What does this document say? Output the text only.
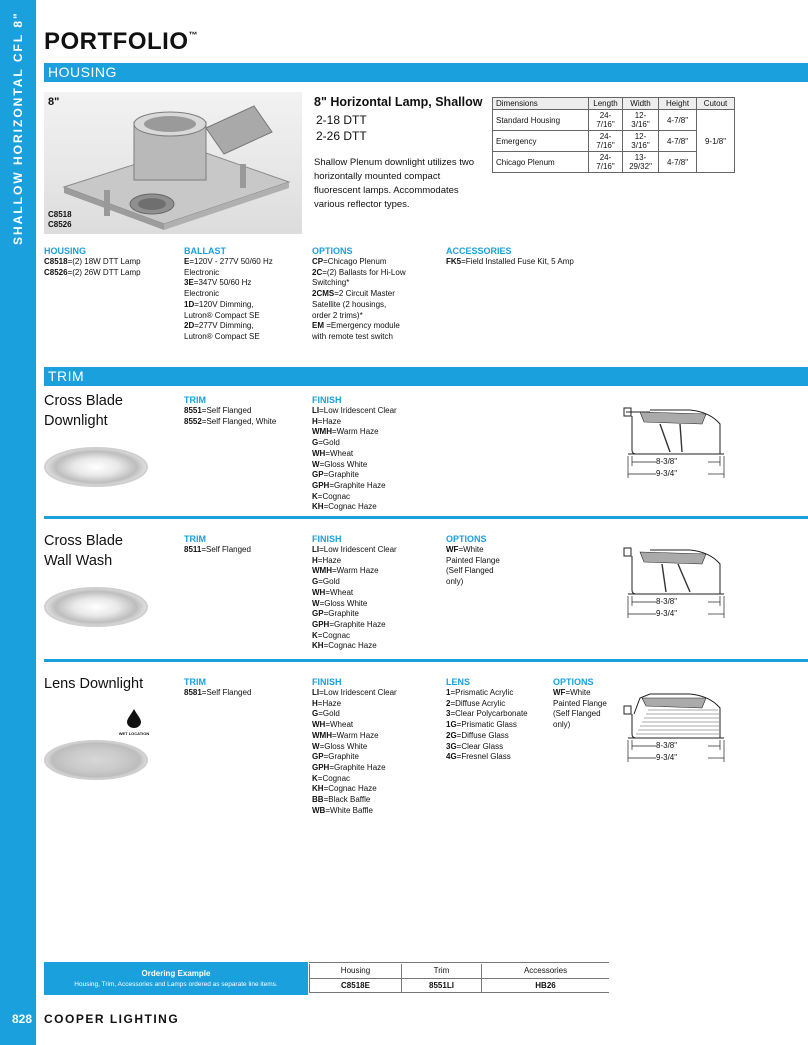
SHALLOW HORIZONTAL CFL 8"
828 COOPER LIGHTING
PORTFOLIO™
HOUSING
8"
C8518
C8526
8" Horizontal Lamp, Shallow
2-18 DTT
2-26 DTT
Shallow Plenum downlight utilizes two horizontally mounted compact fluorescent lamps. Accommodates various reflector types.
Dimensions	Length	Width	Height	Cutout
Standard Housing	24-7/16"	12-3/16"	4-7/8"	9-1/8"
Emergency	24-7/16"	12-3/16"	4-7/8"	
Chicago Plenum	24-7/16"	13-29/32"	4-7/8"	
HOUSING
C8518=(2) 18W DTT Lamp
C8526=(2) 26W DTT Lamp
BALLAST
E=120V - 277V 50/60 Hz
Electronic
3E=347V 50/60 Hz
Electronic
1D=120V Dimming,
Lutron® Compact SE
2D=277V Dimming,
Lutron® Compact SE
OPTIONS
CP=Chicago Plenum
2C=(2) Ballasts for Hi-Low
Switching*
2CMS=2 Circuit Master
Satellite (2 housings,
order 2 trims)*
EM =Emergency module
with remote test switch
ACCESSORIES
FK5=Field Installed Fuse Kit, 5 Amp
TRIM
Cross Blade
Downlight
TRIM
8551=Self Flanged
8552=Self Flanged, White
FINISH
LI=Low Iridescent Clear
H=Haze
WMH=Warm Haze
G=Gold
WH=Wheat
W=Gloss White
GP=Graphite
GPH=Graphite Haze
K=Cognac
KH=Cognac Haze
8-3/8"
9-3/4"
Cross Blade
Wall Wash
TRIM
8511=Self Flanged
FINISH
LI=Low Iridescent Clear
H=Haze
WMH=Warm Haze
G=Gold
WH=Wheat
W=Gloss White
GP=Graphite
GPH=Graphite Haze
K=Cognac
KH=Cognac Haze
OPTIONS
WF=White
Painted Flange
(Self Flanged
only)
8-3/8"
9-3/4"
Lens Downlight
WET LOCATION
TRIM
8581=Self Flanged
FINISH
LI=Low Iridescent Clear
H=Haze
G=Gold
WH=Wheat
WMH=Warm Haze
W=Gloss White
GP=Graphite
GPH=Graphite Haze
K=Cognac
KH=Cognac Haze
BB=Black Baffle
WB=White Baffle
LENS
1=Prismatic Acrylic
2=Diffuse Acrylic
3=Clear Polycarbonate
1G=Prismatic Glass
2G=Diffuse Glass
3G=Clear Glass
4G=Fresnel Glass
OPTIONS
WF=White
Painted Flange
(Self Flanged
only)
8-3/8"
9-3/4"
Ordering Example
Housing, Trim, Accessories and Lamps ordered as separate line items.
Housing	Trim	Accessories
C8518E	8551LI	HB26
